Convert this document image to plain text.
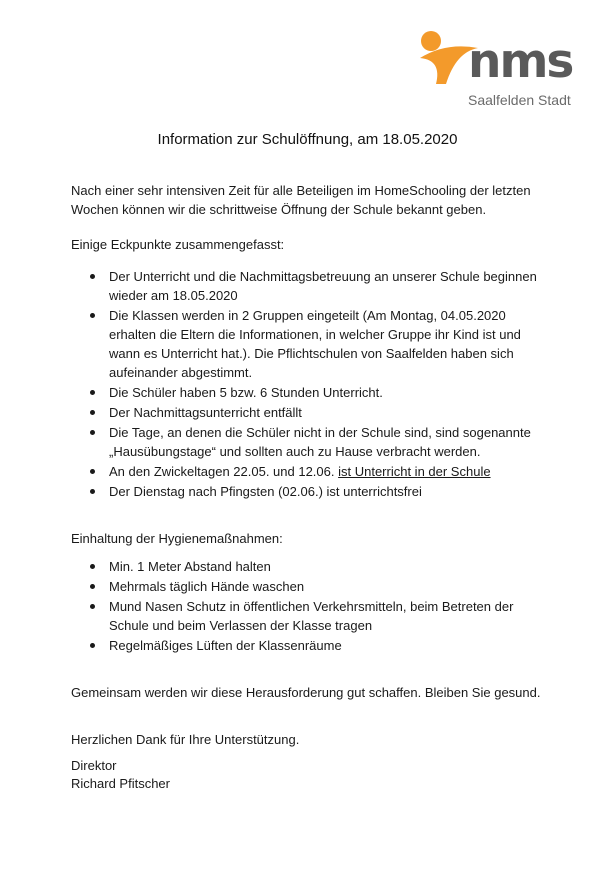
nms
Saalfelden Stadt
Information zur Schulöffnung, am 18.05.2020

Nach einer sehr intensiven Zeit für alle Beteiligen im HomeSchooling der letzten Wochen können wir die schrittweise Öffnung der Schule bekannt geben.

Einige Eckpunkte zusammengefasst:

Der Unterricht und die Nachmittagsbetreuung an unserer Schule beginnen wieder am 18.05.2020
Die Klassen werden in 2 Gruppen eingeteilt (Am Montag, 04.05.2020 erhalten die Eltern die Informationen, in welcher Gruppe ihr Kind ist und wann es Unterricht hat.). Die Pflichtschulen von Saalfelden haben sich aufeinander abgestimmt.
Die Schüler haben 5 bzw. 6 Stunden Unterricht.
Der Nachmittagsunterricht entfällt
Die Tage, an denen die Schüler nicht in der Schule sind, sind sogenannte „Hausübungstage“ und sollten auch zu Hause verbracht werden.
An den Zwickeltagen 22.05. und 12.06. ist Unterricht in der Schule
Der Dienstag nach Pfingsten (02.06.) ist unterrichtsfrei

Einhaltung der Hygienemaßnahmen:

Min. 1 Meter Abstand halten
Mehrmals täglich Hände waschen
Mund Nasen Schutz in öffentlichen Verkehrsmitteln, beim Betreten der Schule und beim Verlassen der Klasse tragen
Regelmäßiges Lüften der Klassenräume

Gemeinsam werden wir diese Herausforderung gut schaffen. Bleiben Sie gesund.

Herzlichen Dank für Ihre Unterstützung.

Direktor
Richard Pfitscher
